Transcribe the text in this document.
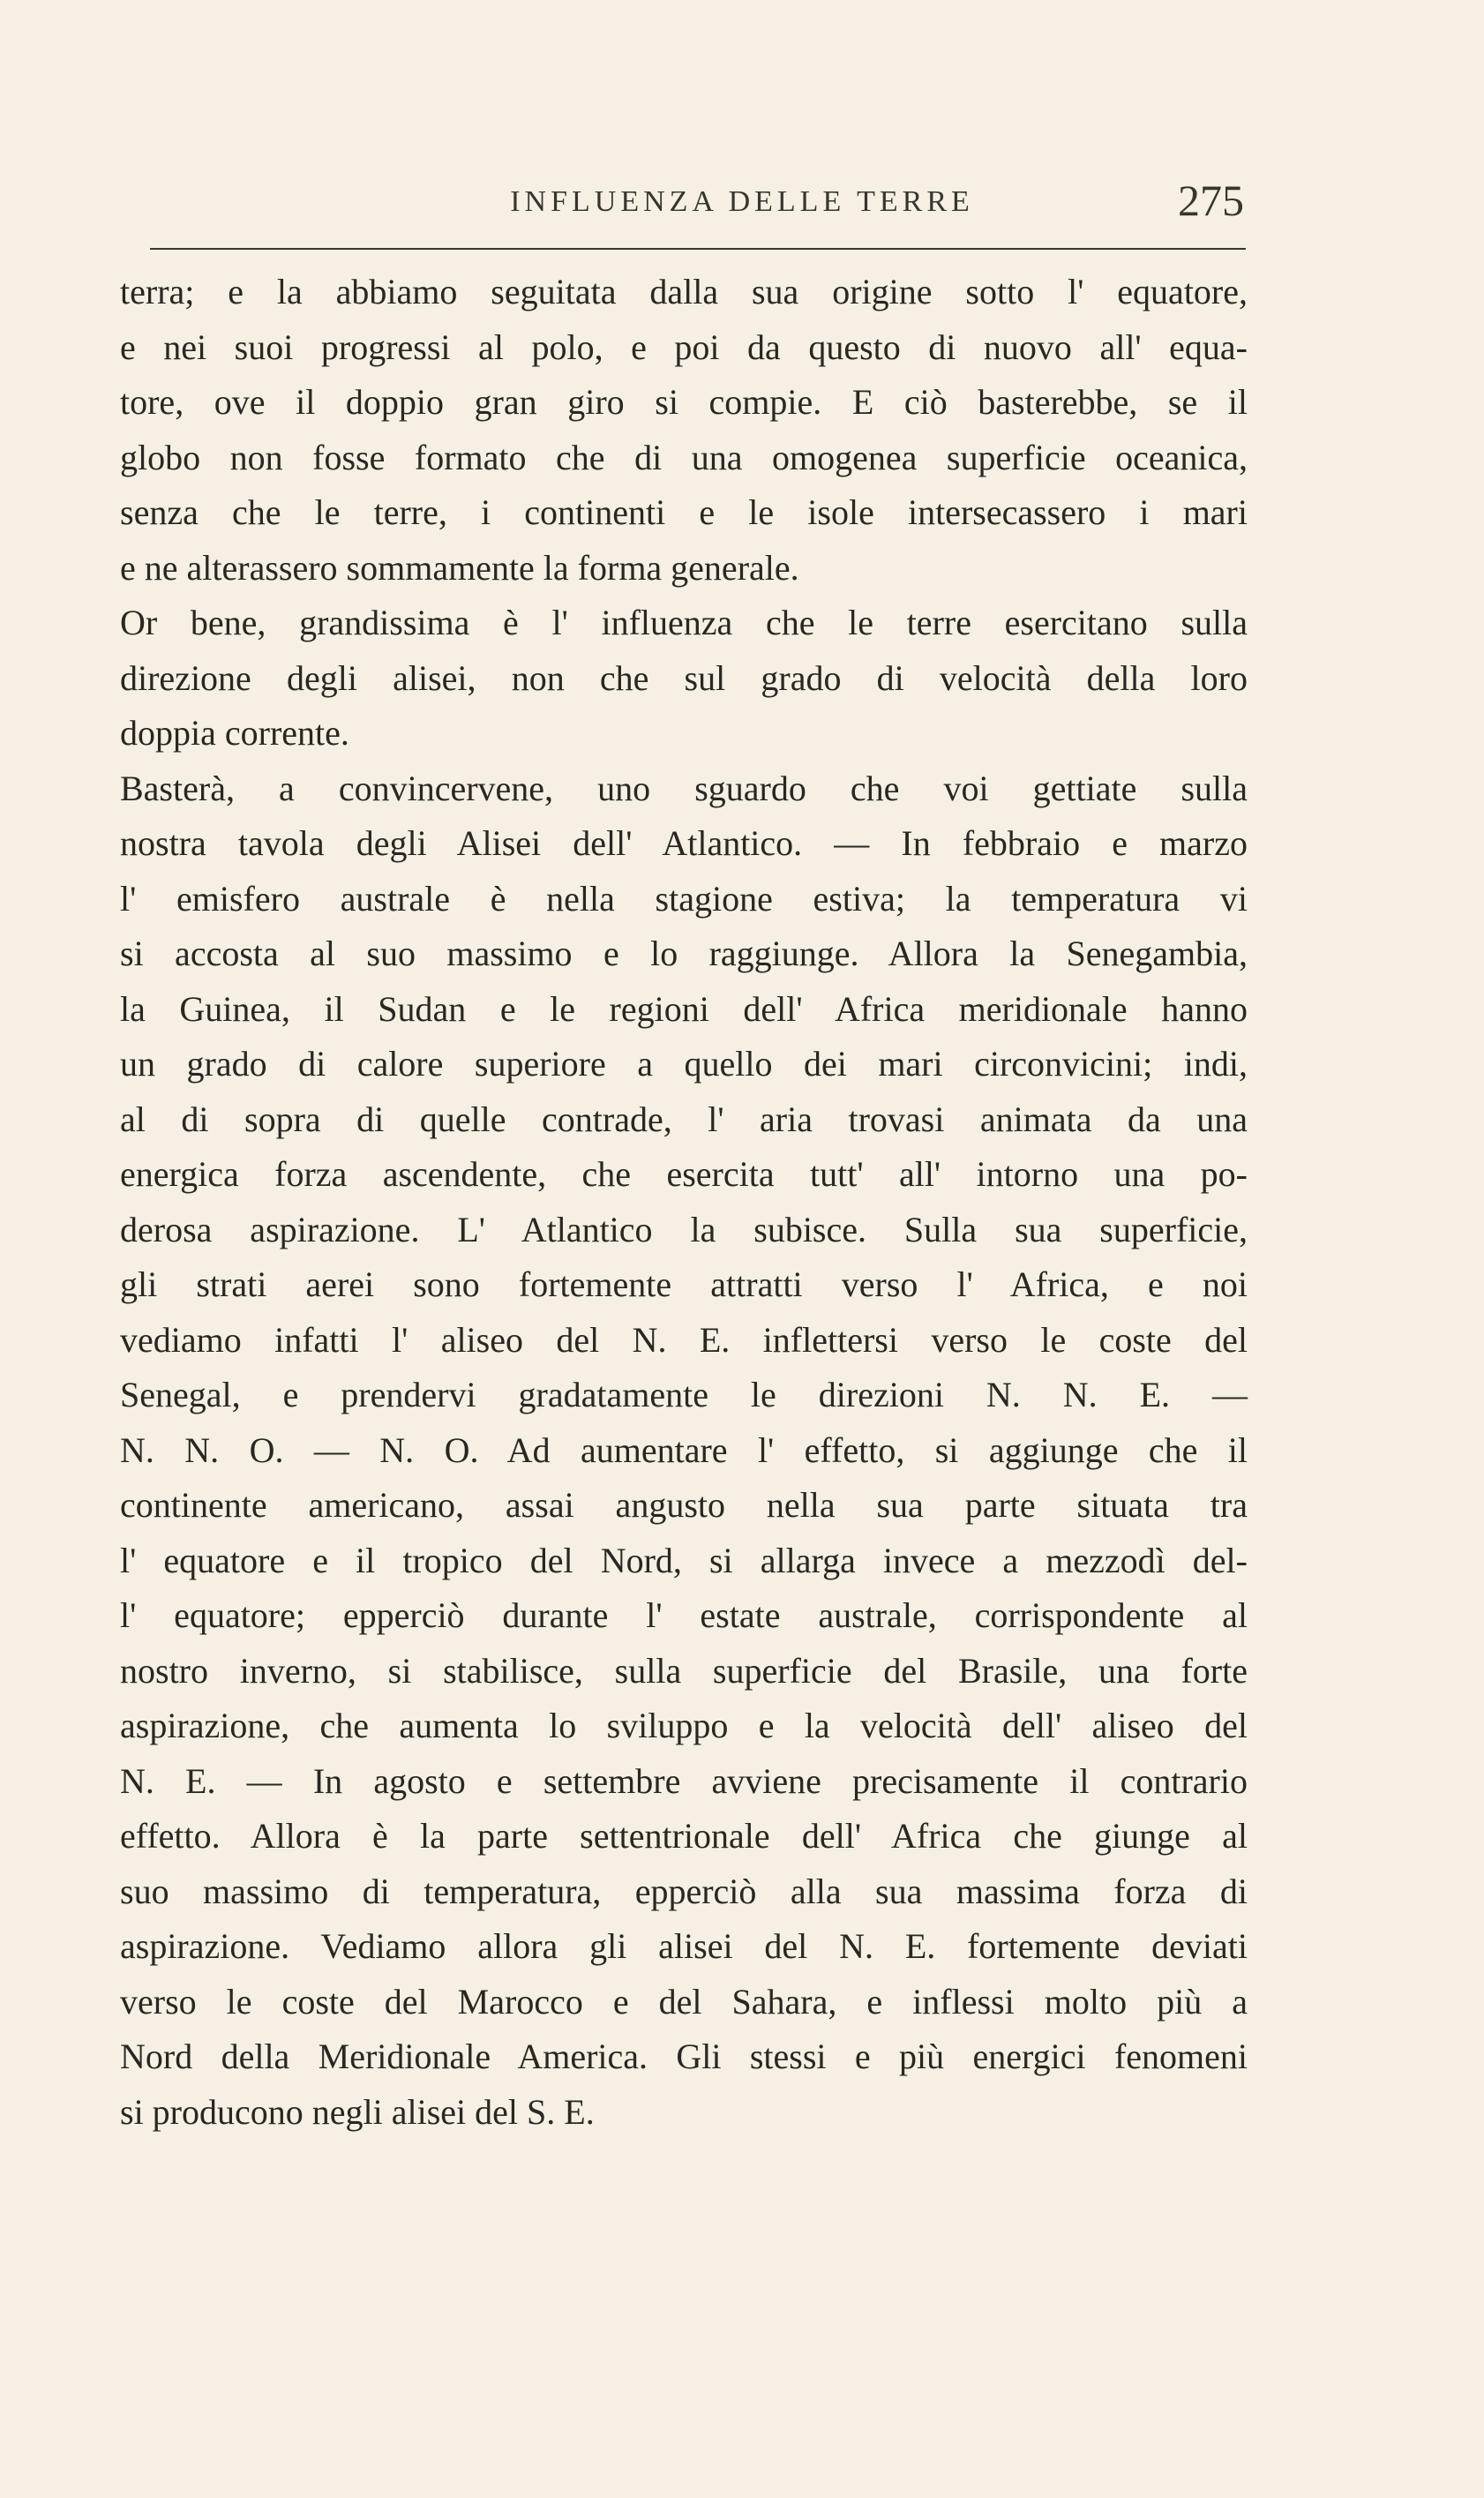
INFLUENZA DELLE TERRE	275
terra; e la abbiamo seguitata dalla sua origine sotto l' equatore,
e nei suoi progressi al polo, e poi da questo di nuovo all' equa-
tore, ove il doppio gran giro si compie. E ciò basterebbe, se il
globo non fosse formato che di una omogenea superficie oceanica,
senza che le terre, i continenti e le isole intersecassero i mari
e ne alterassero sommamente la forma generale.
Or bene, grandissima è l' influenza che le terre esercitano sulla
direzione degli alisei, non che sul grado di velocità della loro
doppia corrente.
Basterà, a convincervene, uno sguardo che voi gettiate sulla
nostra tavola degli Alisei dell' Atlantico. — In febbraio e marzo
l' emisfero australe è nella stagione estiva; la temperatura vi
si accosta al suo massimo e lo raggiunge. Allora la Senegambia,
la Guinea, il Sudan e le regioni dell' Africa meridionale hanno
un grado di calore superiore a quello dei mari circonvicini; indi,
al di sopra di quelle contrade, l' aria trovasi animata da una
energica forza ascendente, che esercita tutt' all' intorno una po-
derosa aspirazione. L' Atlantico la subisce. Sulla sua superficie,
gli strati aerei sono fortemente attratti verso l' Africa, e noi
vediamo infatti l' aliseo del N. E. inflettersi verso le coste del
Senegal, e prendervi gradatamente le direzioni N. N. E. —
N. N. O. — N. O. Ad aumentare l' effetto, si aggiunge che il
continente americano, assai angusto nella sua parte situata tra
l' equatore e il tropico del Nord, si allarga invece a mezzodì del-
l' equatore; epperciò durante l' estate australe, corrispondente al
nostro inverno, si stabilisce, sulla superficie del Brasile, una forte
aspirazione, che aumenta lo sviluppo e la velocità dell' aliseo del
N. E. — In agosto e settembre avviene precisamente il contrario
effetto. Allora è la parte settentrionale dell' Africa che giunge al
suo massimo di temperatura, epperciò alla sua massima forza di
aspirazione. Vediamo allora gli alisei del N. E. fortemente deviati
verso le coste del Marocco e del Sahara, e inflessi molto più a
Nord della Meridionale America. Gli stessi e più energici fenomeni
si producono negli alisei del S. E.
